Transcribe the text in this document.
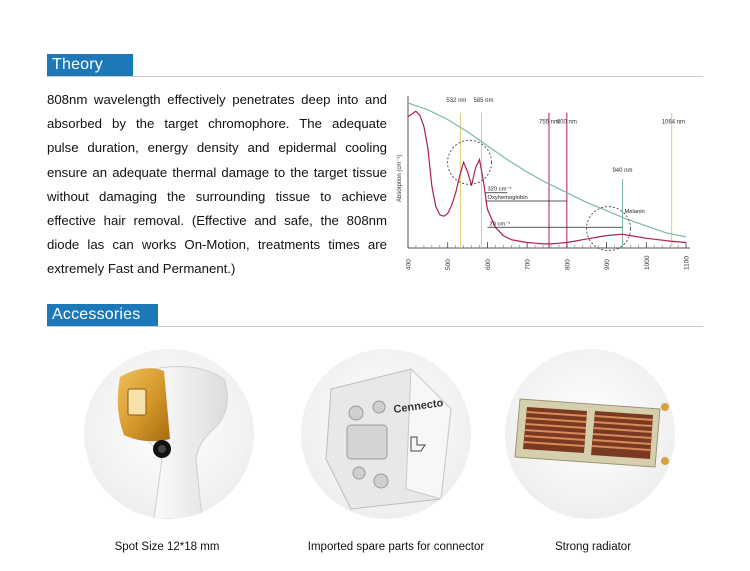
Theory
808nm wavelength effectively penetrates deep into and
absorbed by the target chromophore. The adequate
pulse duration, energy density and epidermal cooling
ensure an adequate thermal damage to the target tissue
without damaging the surrounding tissue to achieve
effective hair removal. (Effective and safe, the 808nm
diode las can works On-Motion, treatments times are
extremely Fast and Permanent.)	400	500	600	700	800	900	1000	1100
Absorption (cm⁻¹)
532 nm 585 nm
755 nm
800 nm
940 nm
1064 nm
320 cm⁻¹
Oxyhemoglobin
20 cm⁻¹
Melanin
Accessories
Spot Size 12*18 mm
Cennecto
Imported spare parts for connector	Strong radiator
